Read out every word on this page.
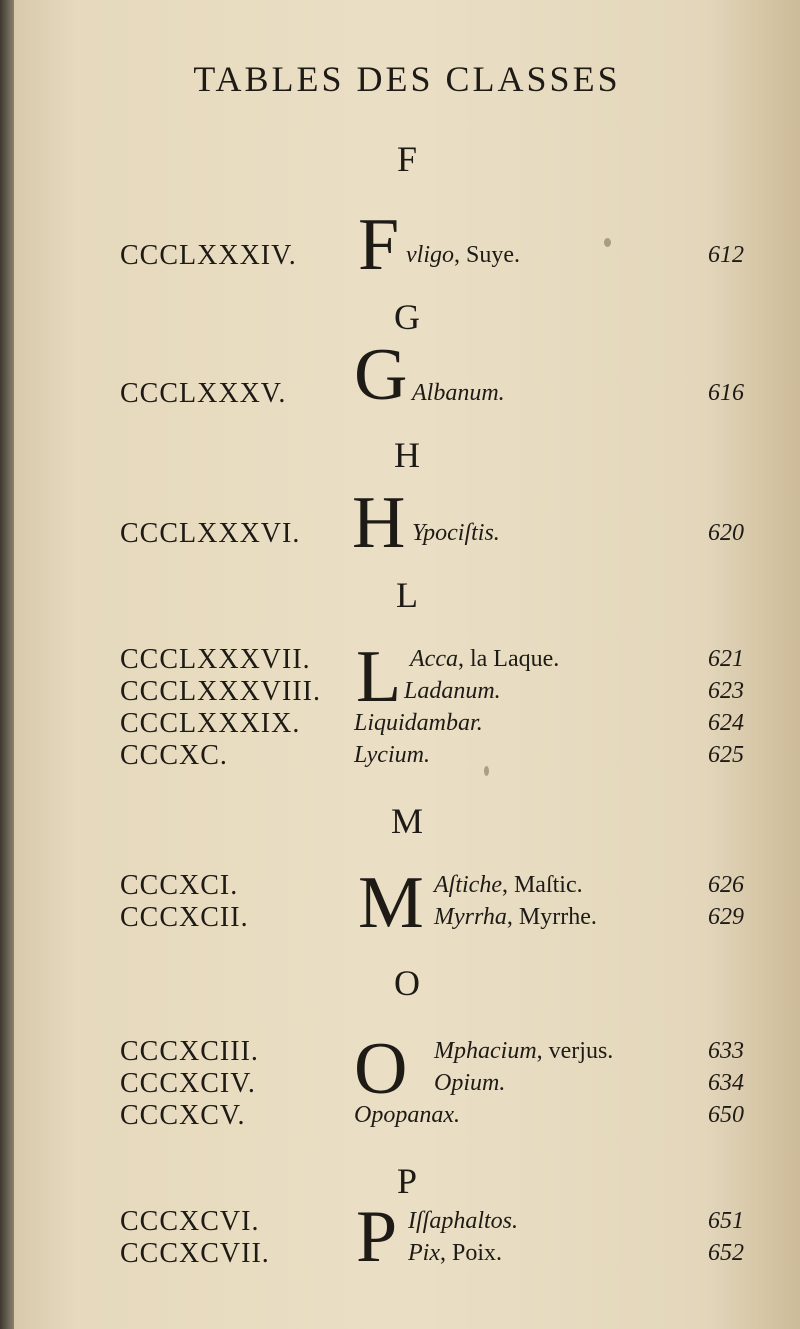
TABLES DES CLASSES
F
F
CCCLXXXIV.	vligo, Suye.	612
G
G
CCCLXXXV.	Albanum.	616
H
H
CCCLXXXVI.	Ypociſtis.	620
L
L
CCCLXXXVII.	Acca, la Laque.	621
CCCLXXXVIII.	Ladanum.	623
CCCLXXXIX. Liquidambar.	624
CCCXC.	Lycium.	625
M
M
CCCXCI.	Aſtiche, Maſtic.	626
CCCXCII.	Myrrha, Myrrhe.	629
O
O
CCCXCIII.	Mphacium, verjus.	633
CCCXCIV.	Opium.	634
CCCXCV.	Opopanax.	650
P
P
CCCXCVI.	Iſſaphaltos.	651
CCCXCVII.	Pix, Poix.	652
